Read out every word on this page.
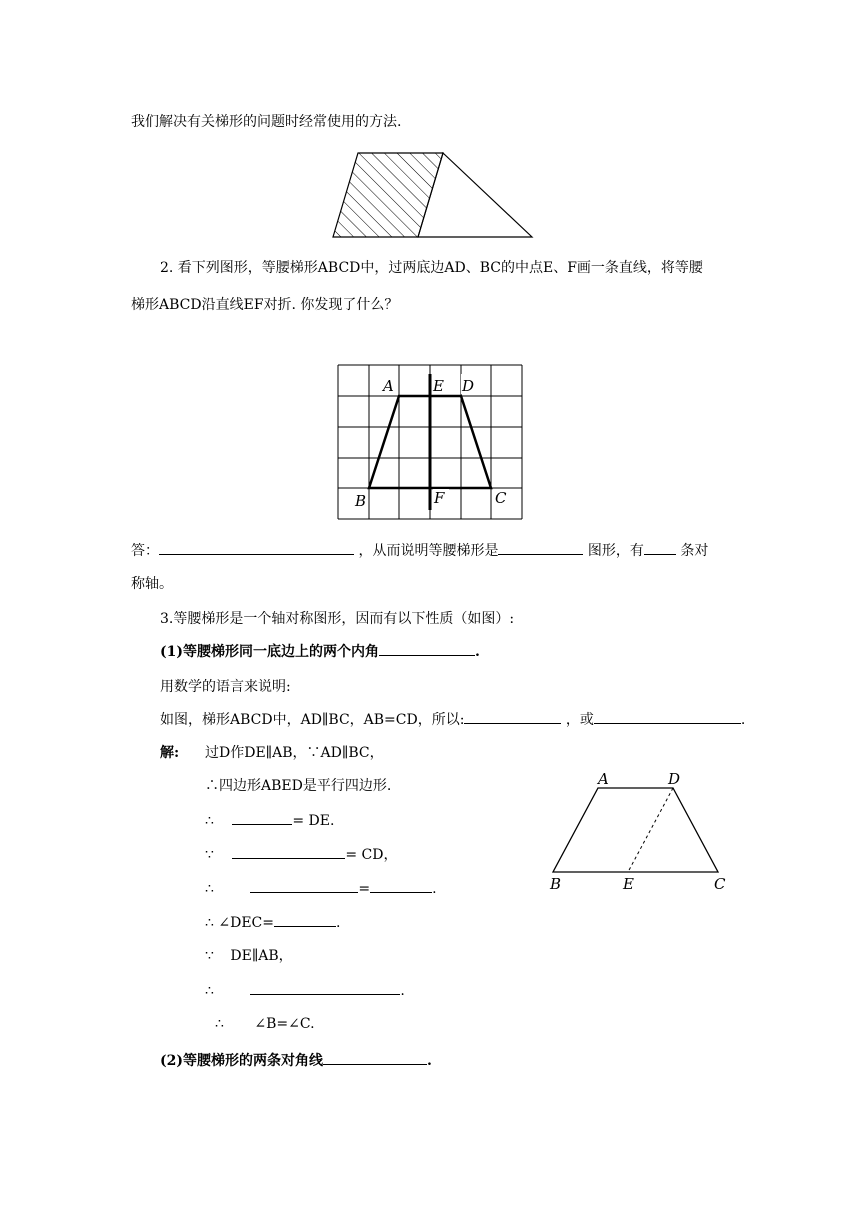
我们解决有关梯形的问题时经常使用的方法.
2. 看下列图形，等腰梯形ABCD中，过两底边AD、BC的中点E、F画一条直线，将等腰
梯形ABCD沿直线EF对折. 你发现了什么？
A	E D
B	F	C
答：	，从而说明等腰梯形是	图形，有	条对
称轴。
3.等腰梯形是一个轴对称图形，因而有以下性质（如图）:
(1)等腰梯形同一底边上的两个内角	.
用数学的语言来说明:
如图，梯形ABCD中，AD∥BC，AB=CD，所以:	，或	.
解: 过D作DE∥AB，∵AD∥BC，
∴四边形ABED是平行四边形.
∴	= DE.
∵	= CD，
∴	=	.
∴ ∠DEC=	.
∵ DE∥AB，
∴	.
∴ ∠B=∠C.
A	D
B	E	C
(2)等腰梯形的两条对角线	.
